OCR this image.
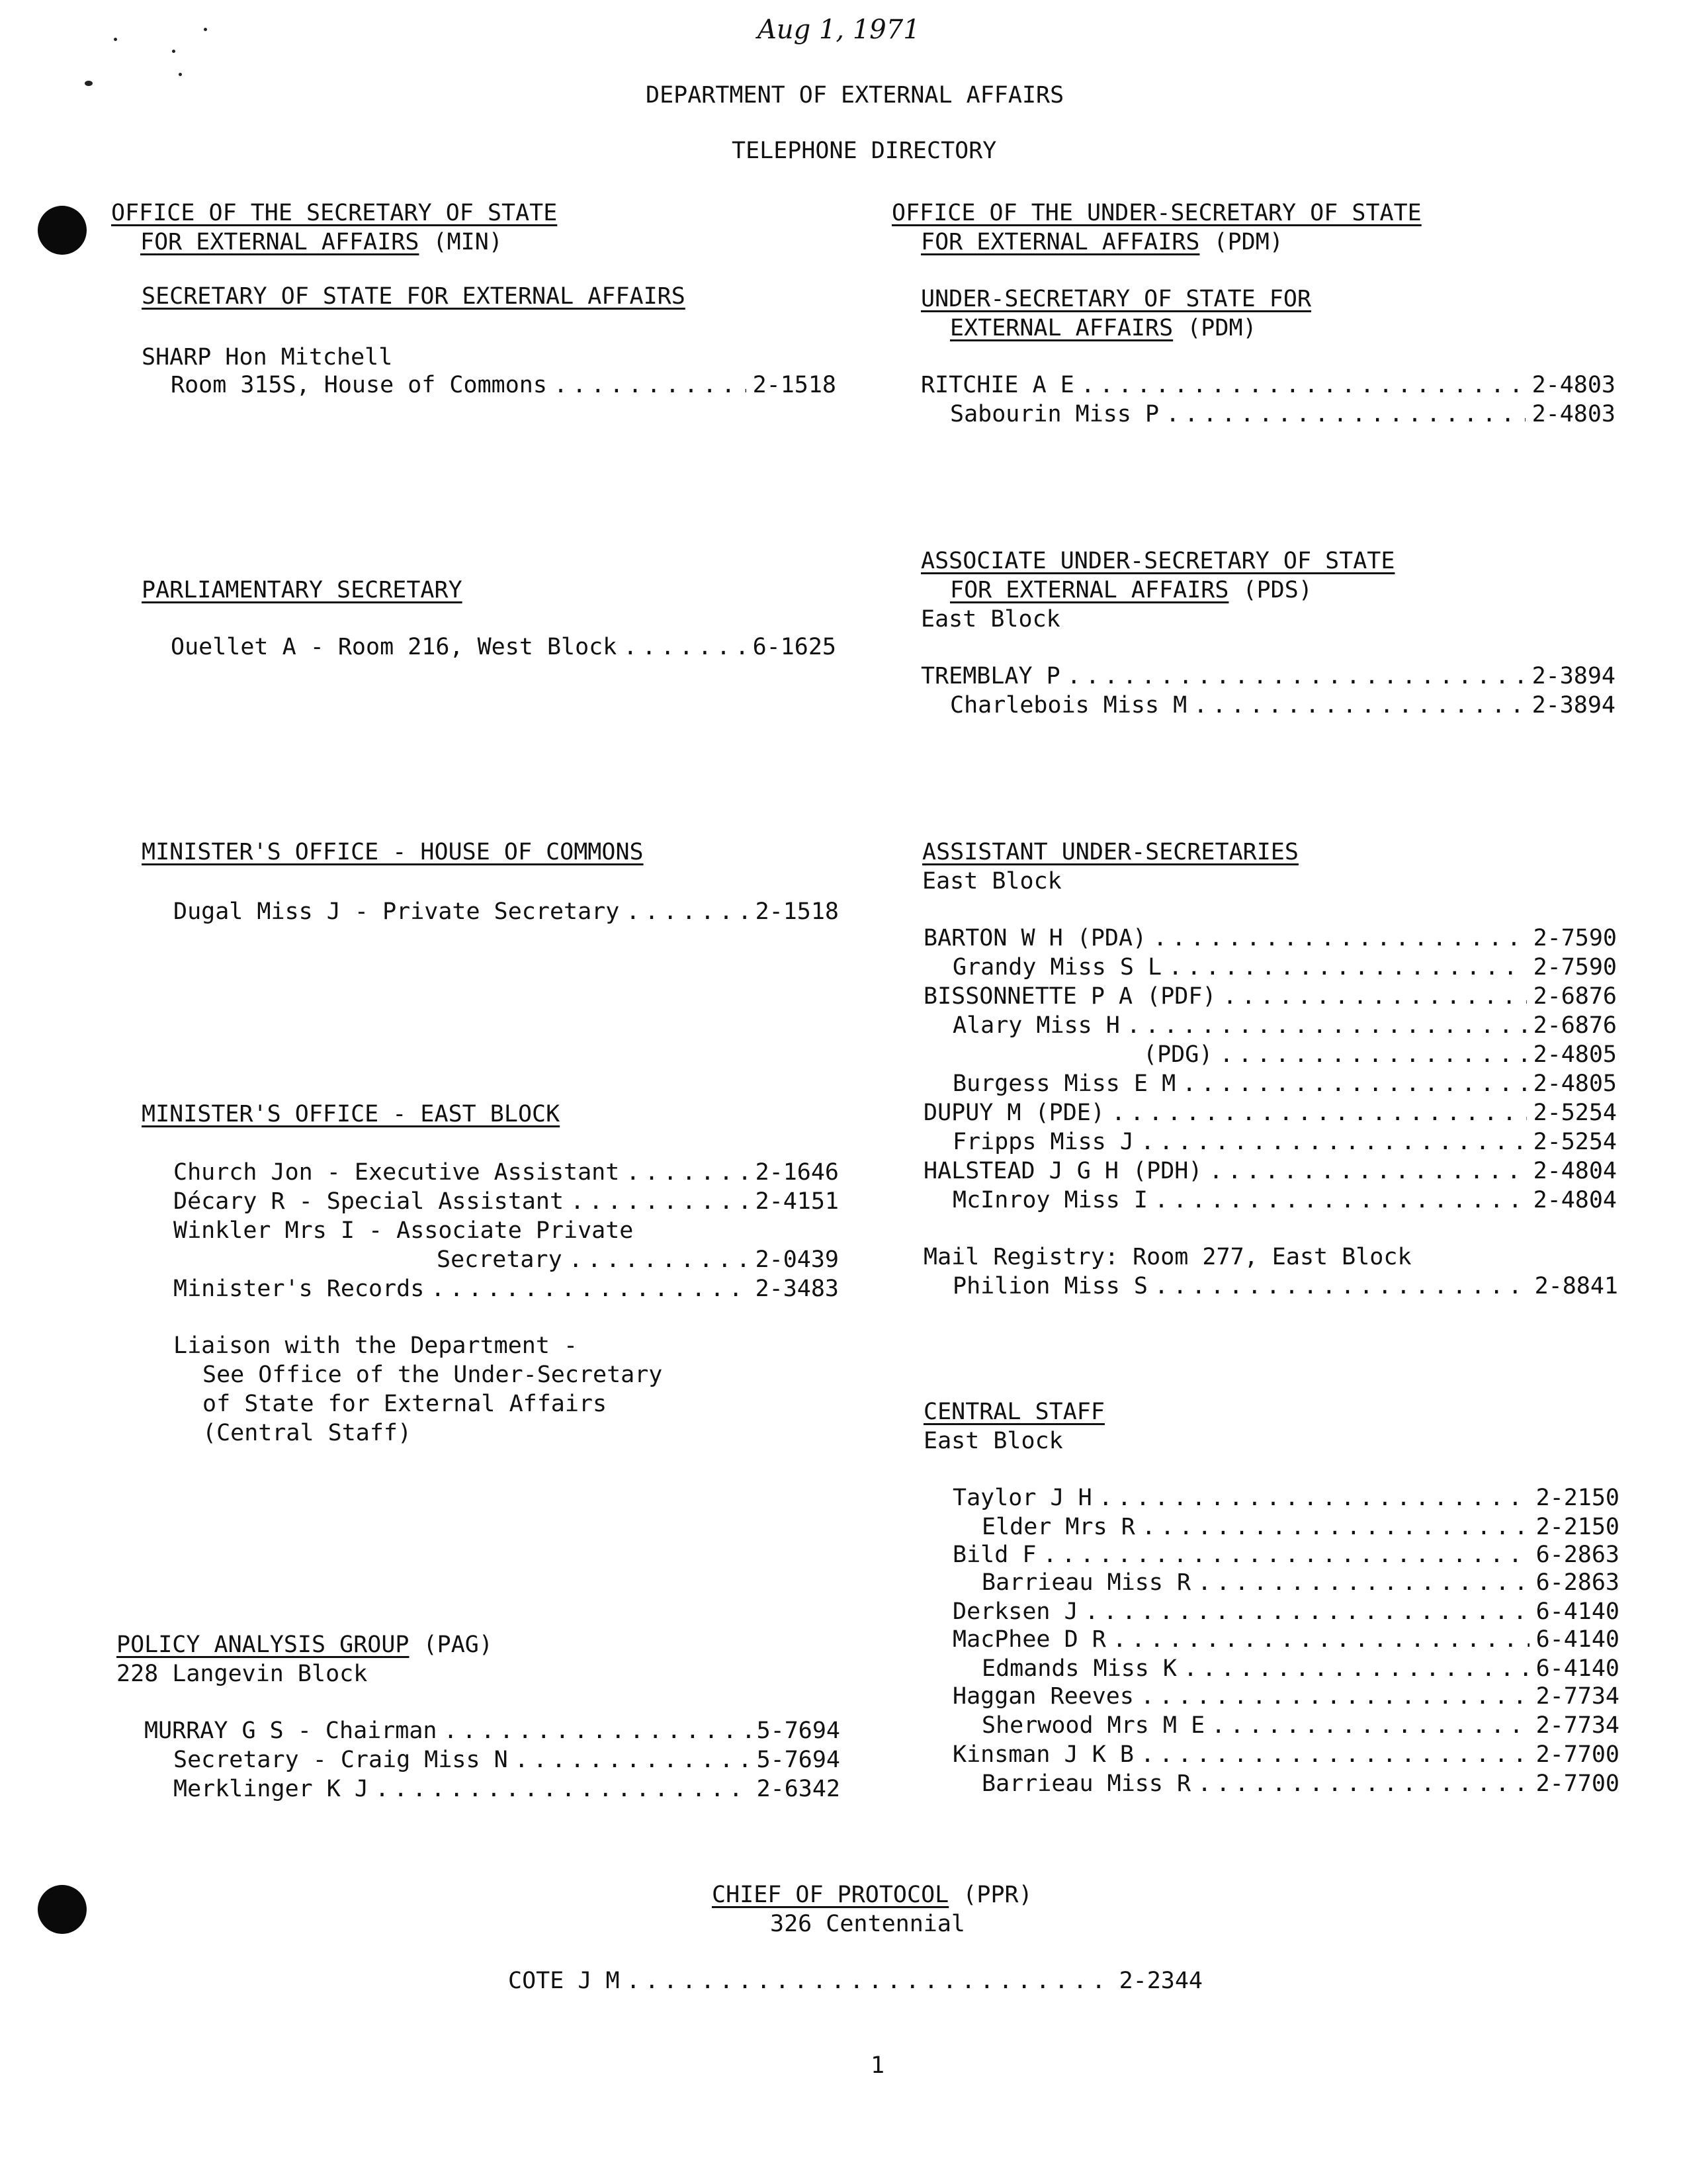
Aug 1, 1971
DEPARTMENT OF EXTERNAL AFFAIRS
TELEPHONE DIRECTORY
OFFICE OF THE SECRETARY OF STATE
FOR EXTERNAL AFFAIRS (MIN)
SECRETARY OF STATE FOR EXTERNAL AFFAIRS
SHARP Hon Mitchell
Room 315S, House of Commons . . .	2-1518
PARLIAMENTARY SECRETARY
Ouellet A - Room 216, West Block . . .	6-1625
MINISTER'S OFFICE - HOUSE OF COMMONS
Dugal Miss J - Private Secretary . . .	2-1518
MINISTER'S OFFICE - EAST BLOCK
Church Jon - Executive Assistant . . .	2-1646
Décary R - Special Assistant . . .	2-4151
Winkler Mrs I - Associate Private
Secretary . . .	2-0439
Minister's Records . . .	2-3483
Liaison with the Department -
See Office of the Under-Secretary
of State for External Affairs
(Central Staff)
POLICY ANALYSIS GROUP (PAG)
228 Langevin Block
MURRAY G S - Chairman . . .	5-7694
Secretary - Craig Miss N . . .	5-7694
Merklinger K J . . .	2-6342
OFFICE OF THE UNDER-SECRETARY OF STATE
FOR EXTERNAL AFFAIRS (PDM)
UNDER-SECRETARY OF STATE FOR
EXTERNAL AFFAIRS (PDM)
RITCHIE A E . . .	2-4803
Sabourin Miss P . . .	2-4803
ASSOCIATE UNDER-SECRETARY OF STATE
FOR EXTERNAL AFFAIRS (PDS)
East Block
TREMBLAY P . . .	2-3894
Charlebois Miss M . . .	2-3894
ASSISTANT UNDER-SECRETARIES
East Block
BARTON W H (PDA) . . .	2-7590
Grandy Miss S L . . .	2-7590
BISSONNETTE P A (PDF) . . .	2-6876
Alary Miss H . . .	2-6876
(PDG) . . .	2-4805
Burgess Miss E M . . .	2-4805
DUPUY M (PDE) . . .	2-5254
Fripps Miss J . . .	2-5254
HALSTEAD J G H (PDH) . . .	2-4804
McInroy Miss I . . .	2-4804
Mail Registry: Room 277, East Block
Philion Miss S . . .	2-8841
CENTRAL STAFF
East Block
Taylor J H . . .	2-2150
Elder Mrs R . . .	2-2150
Bild F . . .	6-2863
Barrieau Miss R . . .	6-2863
Derksen J . . .	6-4140
MacPhee D R . . .	6-4140
Edmands Miss K . . .	6-4140
Haggan Reeves . . .	2-7734
Sherwood Mrs M E . . .	2-7734
Kinsman J K B . . .	2-7700
Barrieau Miss R . . .	2-7700
CHIEF OF PROTOCOL (PPR)
326 Centennial
COTE J M . . .	2-2344
1
